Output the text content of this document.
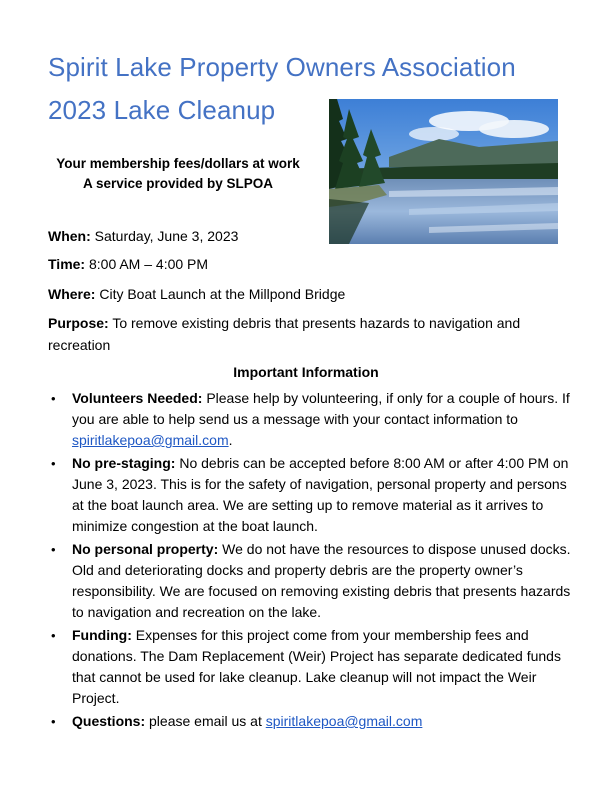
Spirit Lake Property Owners Association
2023 Lake Cleanup
Your membership fees/dollars at work
A service provided by SLPOA
When: Saturday, June 3, 2023
Time: 8:00 AM – 4:00 PM
Where: City Boat Launch at the Millpond Bridge
Purpose: To remove existing debris that presents hazards to navigation and recreation
Important Information
• Volunteers Needed: Please help by volunteering, if only for a couple of hours. If you are able to help send us a message with your contact information to spiritlakepoa@gmail.com.
• No pre-staging: No debris can be accepted before 8:00 AM or after 4:00 PM on June 3, 2023. This is for the safety of navigation, personal property and persons at the boat launch area. We are setting up to remove material as it arrives to minimize congestion at the boat launch.
• No personal property: We do not have the resources to dispose unused docks. Old and deteriorating docks and property debris are the property owner’s responsibility. We are focused on removing existing debris that presents hazards to navigation and recreation on the lake.
• Funding: Expenses for this project come from your membership fees and donations. The Dam Replacement (Weir) Project has separate dedicated funds that cannot be used for lake cleanup. Lake cleanup will not impact the Weir Project.
• Questions: please email us at spiritlakepoa@gmail.com
